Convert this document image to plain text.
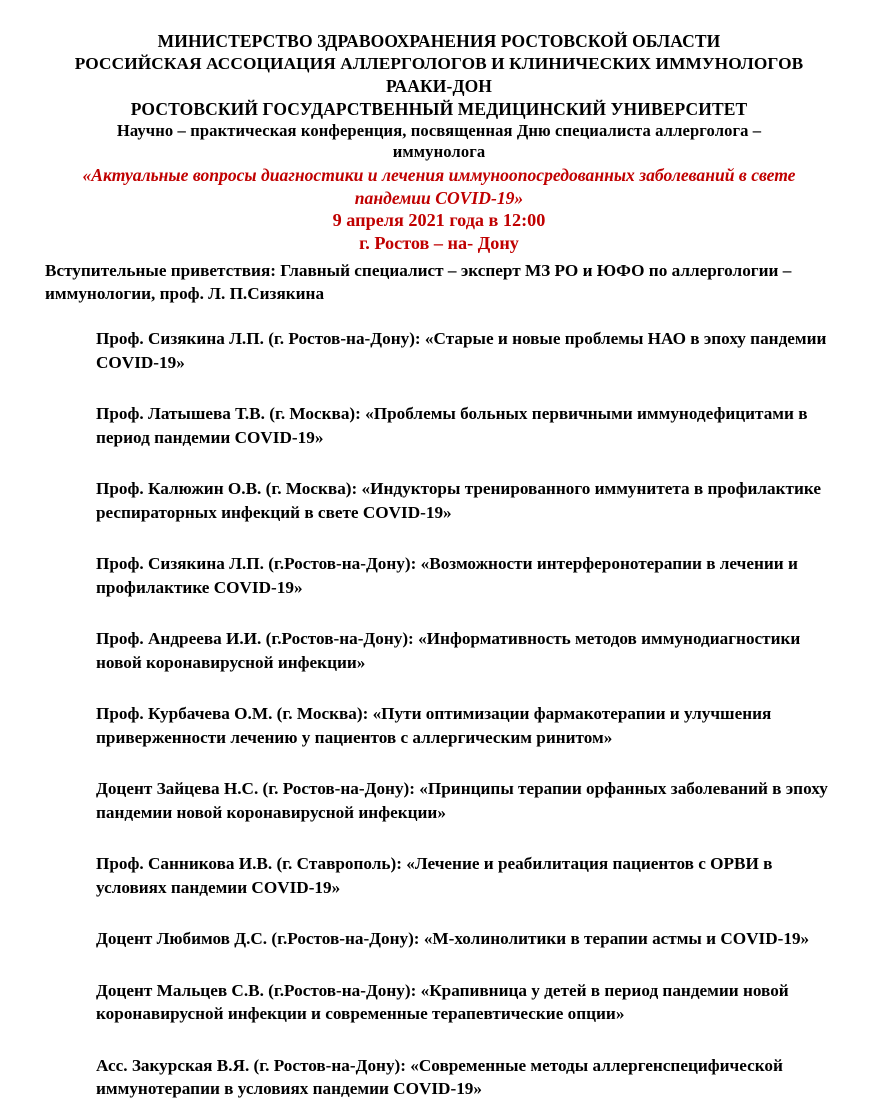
МИНИСТЕРСТВО ЗДРАВООХРАНЕНИЯ РОСТОВСКОЙ ОБЛАСТИ
РОССИЙСКАЯ АССОЦИАЦИЯ АЛЛЕРГОЛОГОВ И КЛИНИЧЕСКИХ ИММУНОЛОГОВ
РААКИ-ДОН
РОСТОВСКИЙ ГОСУДАРСТВЕННЫЙ МЕДИЦИНСКИЙ УНИВЕРСИТЕТ
Научно – практическая конференция, посвященная Дню специалиста аллерголога – иммунолога
«Актуальные вопросы диагностики и лечения иммуноопосредованных заболеваний в свете пандемии COVID-19»
9 апреля 2021 года в 12:00
г. Ростов – на- Дону
Вступительные приветствия: Главный специалист – эксперт МЗ РО и ЮФО по аллергологии – иммунологии, проф. Л. П.Сизякина
Проф. Сизякина Л.П. (г. Ростов-на-Дону): «Старые и новые проблемы НАО в эпоху пандемии COVID-19»
Проф. Латышева Т.В. (г. Москва): «Проблемы больных первичными иммунодефицитами в период пандемии COVID-19»
Проф. Калюжин О.В. (г. Москва): «Индукторы тренированного иммунитета в профилактике респираторных инфекций в свете COVID-19»
Проф. Сизякина Л.П. (г.Ростов-на-Дону): «Возможности интерферонотерапии в лечении и профилактике COVID-19»
Проф. Андреева И.И. (г.Ростов-на-Дону): «Информативность методов иммунодиагностики новой коронавирусной инфекции»
Проф. Курбачева О.М. (г. Москва): «Пути оптимизации фармакотерапии и улучшения приверженности лечению у пациентов с аллергическим ринитом»
Доцент Зайцева Н.С. (г. Ростов-на-Дону): «Принципы терапии орфанных заболеваний в эпоху пандемии новой коронавирусной инфекции»
Проф. Санникова И.В. (г. Ставрополь): «Лечение и реабилитация пациентов с ОРВИ в условиях пандемии COVID-19»
Доцент Любимов Д.С. (г.Ростов-на-Дону): «М-холинолитики в терапии астмы и COVID-19»
Доцент Мальцев С.В. (г.Ростов-на-Дону): «Крапивница у детей в период пандемии новой коронавирусной инфекции и современные терапевтические опции»
Асс. Закурская В.Я. (г. Ростов-на-Дону): «Современные методы аллергенспецифической иммунотерапии в условиях пандемии COVID-19»
